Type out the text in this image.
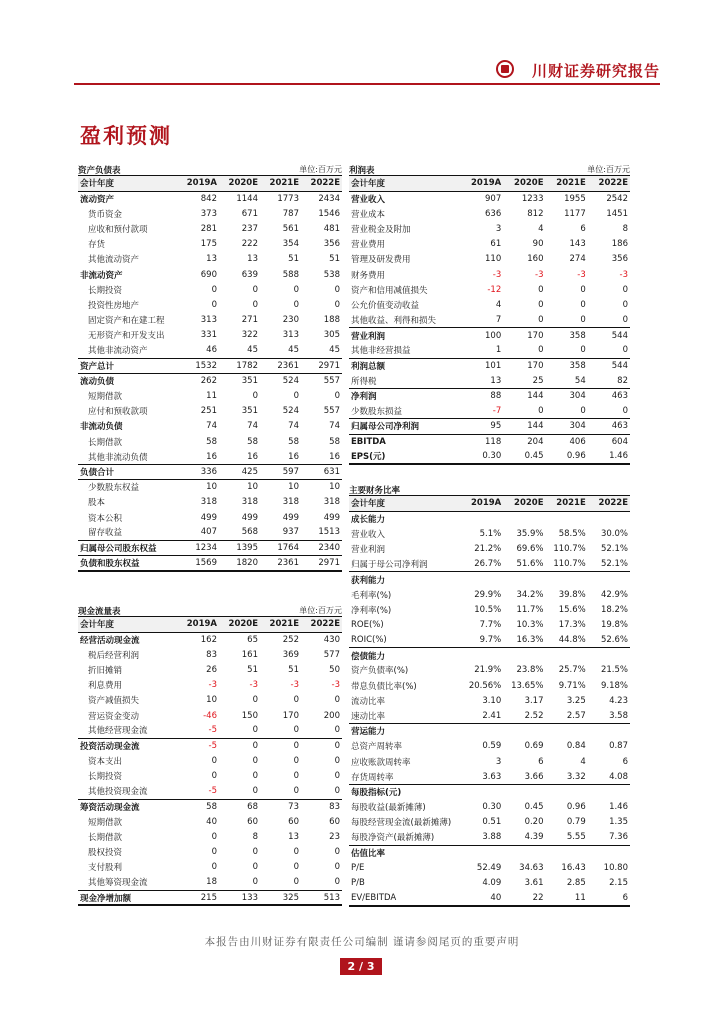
川财证券研究报告
盈利预测
资产负债表	单位:百万元
会计年度	2019A	2020E	2021E	2022E
流动资产	842	1144	1773	2434
货币资金	373	671	787	1546
应收和预付款项	281	237	561	481
存货	175	222	354	356
其他流动资产	13	13	51	51
非流动资产	690	639	588	538
长期投资	0	0	0	0
投资性房地产	0	0	0	0
固定资产和在建工程	313	271	230	188
无形资产和开发支出	331	322	313	305
其他非流动资产	46	45	45	45
资产总计	1532	1782	2361	2971
流动负债	262	351	524	557
短期借款	11	0	0	0
应付和预收款项	251	351	524	557
非流动负债	74	74	74	74
长期借款	58	58	58	58
其他非流动负债	16	16	16	16
负债合计	336	425	597	631
少数股东权益	10	10	10	10
股本	318	318	318	318
资本公积	499	499	499	499
留存收益	407	568	937	1513
归属母公司股东权益	1234	1395	1764	2340
负债和股东权益	1569	1820	2361	2971
利润表	单位:百万元
会计年度	2019A	2020E	2021E	2022E
营业收入	907	1233	1955	2542
营业成本	636	812	1177	1451
营业税金及附加	3	4	6	8
营业费用	61	90	143	186
管理及研发费用	110	160	274	356
财务费用	-3	-3	-3	-3
资产和信用减值损失	-12	0	0	0
公允价值变动收益	4	0	0	0
其他收益、利得和损失	7	0	0	0
营业利润	100	170	358	544
其他非经营损益	1	0	0	0
利润总额	101	170	358	544
所得税	13	25	54	82
净利润	88	144	304	463
少数股东损益	-7	0	0	0
归属母公司净利润	95	144	304	463
EBITDA	118	204	406	604
EPS(元)	0.30	0.45	0.96	1.46
主要财务比率
会计年度	2019A	2020E	2021E	2022E
成长能力				
营业收入	5.1%	35.9%	58.5%	30.0%
营业利润	21.2%	69.6%	110.7%	52.1%
归属于母公司净利润	26.7%	51.6%	110.7%	52.1%
获利能力				
毛利率(%)	29.9%	34.2%	39.8%	42.9%
净利率(%)	10.5%	11.7%	15.6%	18.2%
ROE(%)	7.7%	10.3%	17.3%	19.8%
ROIC(%)	9.7%	16.3%	44.8%	52.6%
偿债能力				
资产负债率(%)	21.9%	23.8%	25.7%	21.5%
带息负债比率(%)	20.56%	13.65%	9.71%	9.18%
流动比率	3.10	3.17	3.25	4.23
速动比率	2.41	2.52	2.57	3.58
营运能力				
总资产周转率	0.59	0.69	0.84	0.87
应收账款周转率	3	6	4	6
存货周转率	3.63	3.66	3.32	4.08
每股指标(元)				
每股收益(最新摊薄)	0.30	0.45	0.96	1.46
每股经营现金流(最新摊薄)	0.51	0.20	0.79	1.35
每股净资产(最新摊薄)	3.88	4.39	5.55	7.36
估值比率				
P/E	52.49	34.63	16.43	10.80
P/B	4.09	3.61	2.85	2.15
EV/EBITDA	40	22	11	6
现金流量表	单位:百万元
会计年度	2019A	2020E	2021E	2022E
经营活动现金流	162	65	252	430
税后经营利润	83	161	369	577
折旧摊销	26	51	51	50
利息费用	-3	-3	-3	-3
资产减值损失	10	0	0	0
营运资金变动	-46	150	170	200
其他经营现金流	-5	0	0	0
投资活动现金流	-5	0	0	0
资本支出	0	0	0	0
长期投资	0	0	0	0
其他投资现金流	-5	0	0	0
筹资活动现金流	58	68	73	83
短期借款	40	60	60	60
长期借款	0	8	13	23
股权投资	0	0	0	0
支付股利	0	0	0	0
其他筹资现金流	18	0	0	0
现金净增加额	215	133	325	513
本报告由川财证券有限责任公司编制 谨请参阅尾页的重要声明
2 / 3
